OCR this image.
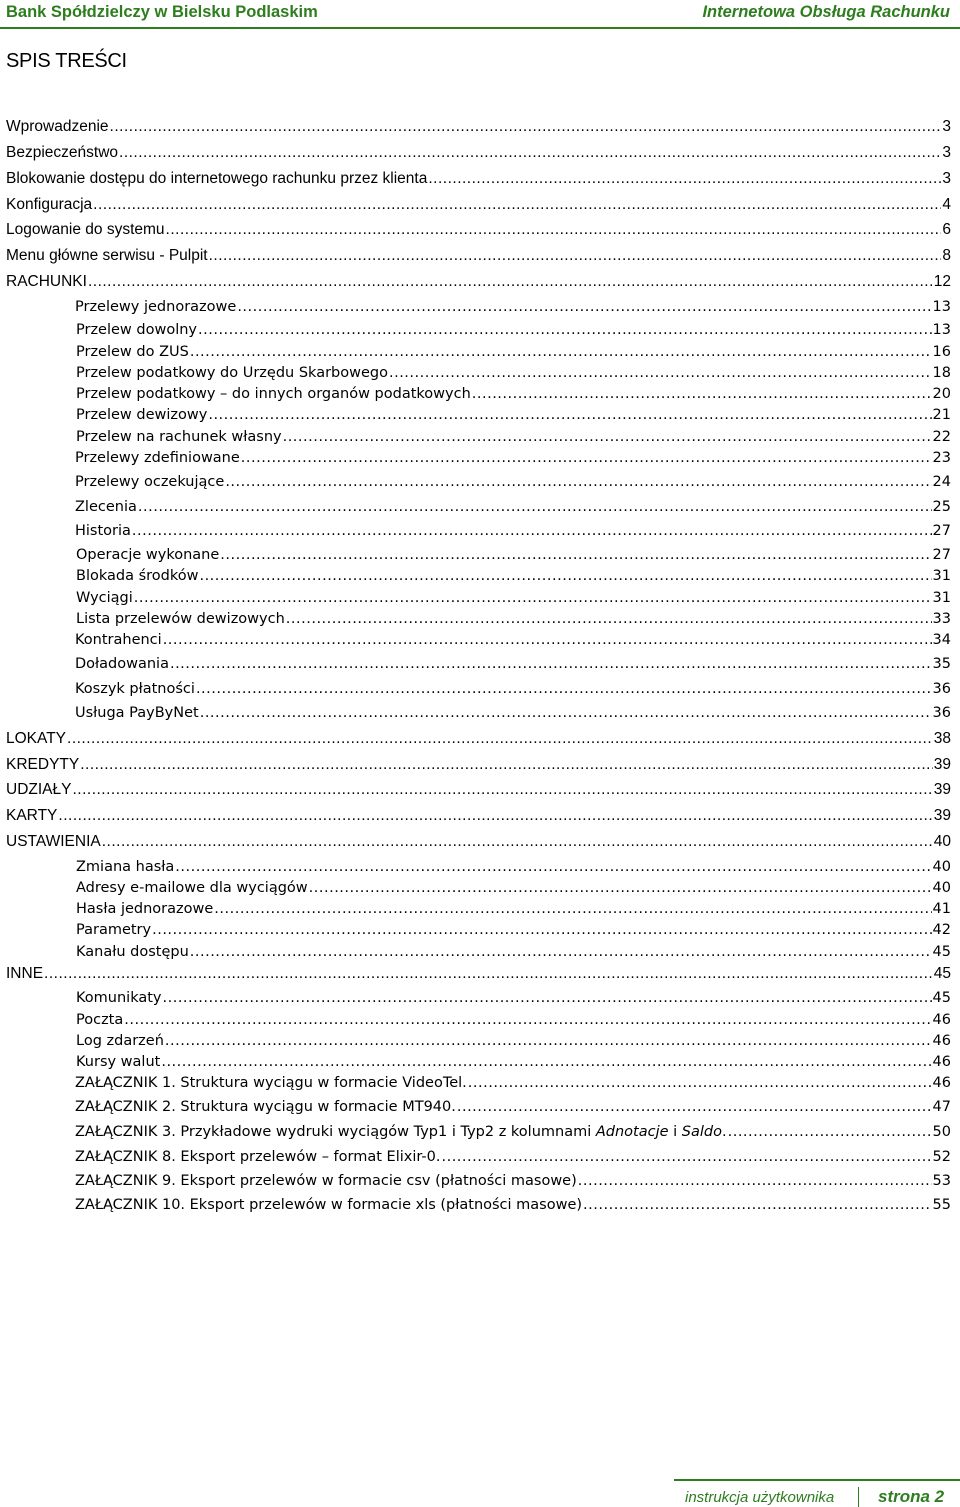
Bank Spółdzielczy w Bielsku Podlaskim	Internetowa Obsługa Rachunku
SPIS TREŚCI
Wprowadzenie .....	3
Bezpieczeństwo .....	3
Blokowanie dostępu do internetowego rachunku przez klienta .....	3
Konfiguracja .....	4
Logowanie do systemu .....	6
Menu główne serwisu - Pulpit .....	8
RACHUNKI .....	12
Przelewy jednorazowe .....	13
Przelew dowolny .....	13
Przelew do ZUS .....	16
Przelew podatkowy do Urzędu Skarbowego .....	18
Przelew podatkowy – do innych organów podatkowych .....	20
Przelew dewizowy .....	21
Przelew na rachunek własny .....	22
Przelewy zdefiniowane .....	23
Przelewy oczekujące .....	24
Zlecenia .....	25
Historia .....	27
Operacje wykonane .....	27
Blokada środków .....	31
Wyciągi .....	31
Lista przelewów dewizowych .....	33
Kontrahenci .....	34
Doładowania .....	35
Koszyk płatności .....	36
Usługa PayByNet .....	36
LOKATY .....	38
KREDYTY .....	39
UDZIAŁY .....	39
KARTY .....	39
USTAWIENIA .....	40
Zmiana hasła .....	40
Adresy e-mailowe dla wyciągów .....	40
Hasła jednorazowe .....	41
Parametry .....	42
Kanału dostępu .....	45
INNE .....	45
Komunikaty .....	45
Poczta .....	46
Log zdarzeń .....	46
Kursy walut .....	46
ZAŁĄCZNIK 1. Struktura wyciągu w formacie VideoTel. .....	46
ZAŁĄCZNIK 2. Struktura wyciągu w formacie MT940. .....	47
ZAŁĄCZNIK 3. Przykładowe wydruki wyciągów Typ1 i Typ2 z kolumnami Adnotacje i Saldo. .....	50
ZAŁĄCZNIK 8. Eksport przelewów – format Elixir-0. .....	52
ZAŁĄCZNIK 9. Eksport przelewów w formacie csv (płatności masowe) .....	53
ZAŁĄCZNIK 10. Eksport przelewów w formacie xls (płatności masowe) .....	55
instrukcja użytkownika	strona 2
